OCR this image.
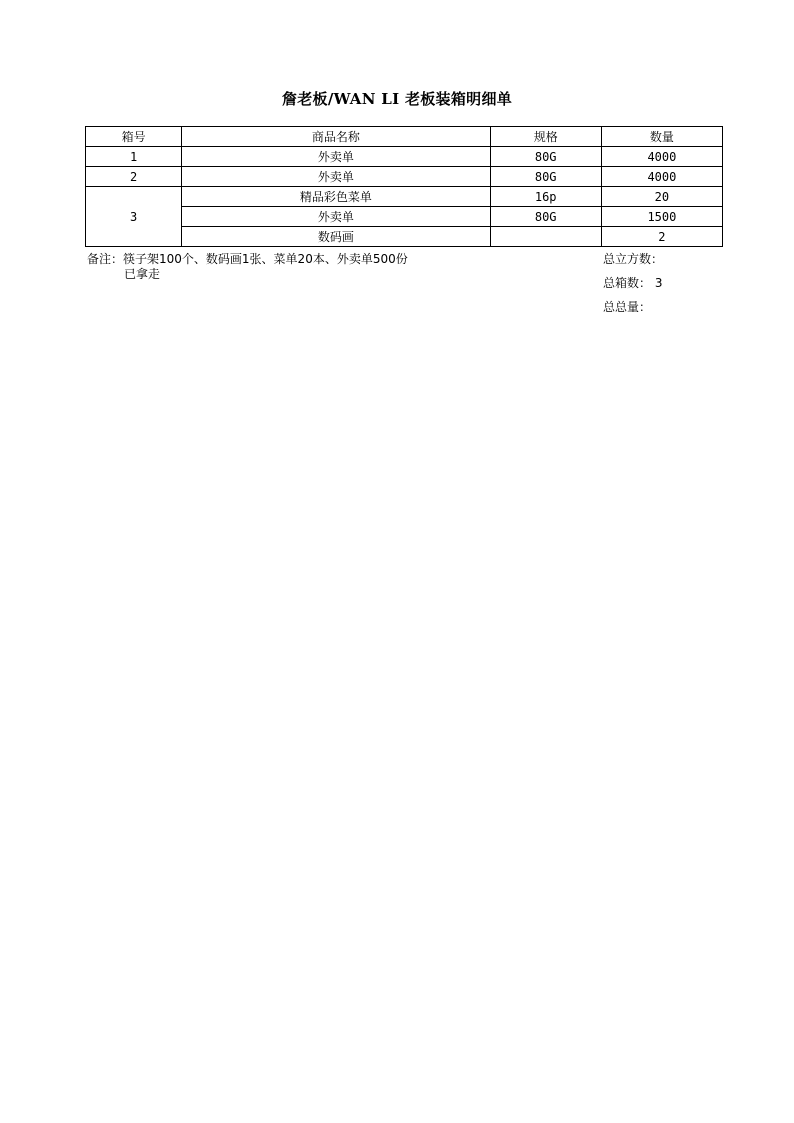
詹老板/WAN LI 老板装箱明细单
箱号	商品名称	规格	数量
1	外卖单	80G	4000
2	外卖单	80G	4000
3	精品彩色菜单	16p	20
	外卖单	80G	1500
	数码画		2
备注： 筷子架100个、数码画1张、菜单20本、外卖单500份
已拿走
总立方数：
总箱数： 3
总总量：
